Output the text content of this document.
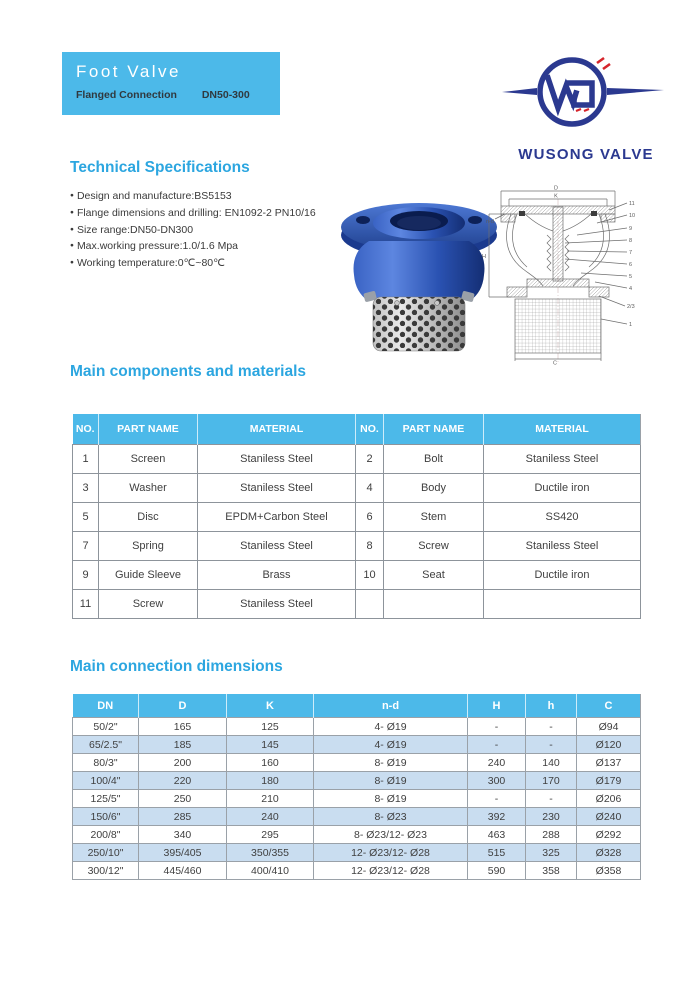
Foot Valve
Flanged Connection DN50-300
WUSONG VALVE
Technical Specifications
● Design and manufacture:BS5153
● Flange dimensions and drilling: EN1092-2 PN10/16
● Size range:DN50-DN300
● Max.working pressure:1.0/1.6 Mpa
● Working temperature:0℃~80℃
D
K
H
n-d
C
11
10
9
8
7
6
5
4
2/3
1
Main components and materials
NO.	PART NAME	MATERIAL	NO.	PART NAME	MATERIAL
1	Screen	Staniless Steel	2	Bolt	Staniless Steel
3	Washer	Staniless Steel	4	Body	Ductile iron
5	Disc	EPDM+Carbon Steel	6	Stem	SS420
7	Spring	Staniless Steel	8	Screw	Staniless Steel
9	Guide Sleeve	Brass	10	Seat	Ductile iron
11	Screw	Staniless Steel			
Main connection dimensions
DN	D	K	n-d	H	h	C
50/2"	165	125	4- Ø19	-	-	Ø94
65/2.5"	185	145	4- Ø19	-	-	Ø120
80/3"	200	160	8- Ø19	240	140	Ø137
100/4"	220	180	8- Ø19	300	170	Ø179
125/5"	250	210	8- Ø19	-	-	Ø206
150/6"	285	240	8- Ø23	392	230	Ø240
200/8"	340	295	8- Ø23/12- Ø23	463	288	Ø292
250/10"	395/405	350/355	12- Ø23/12- Ø28	515	325	Ø328
300/12"	445/460	400/410	12- Ø23/12- Ø28	590	358	Ø358
